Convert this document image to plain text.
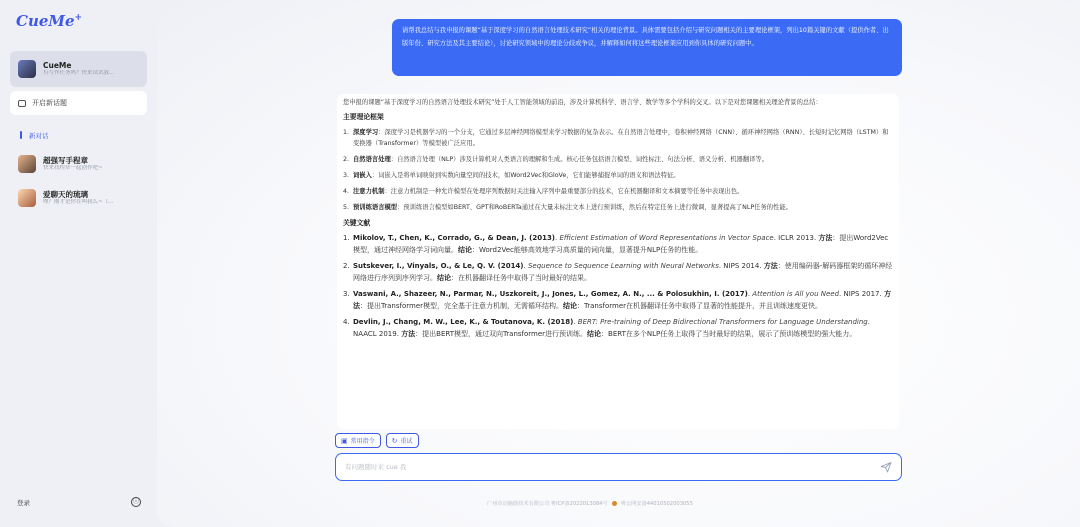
CueMe+
CueMe
有写作任务吗？快来试试我...
开启新话题
新对话
超强写手程章
快来找程章一起创作吧~
爱聊天的琉璃
嘿？刚才是你在叫我么~（...
登录	ⓘ
请帮我总结与我申报的课题“基于深度学习的自然语言处理技术研究”相关的理论背景。具体需要包括介绍与研究问题相关的主要理论框架，列出10篇关键的文献（提供作者、出版年份、研究方法及其主要结论），讨论研究领域中的理论分歧或争议，并解释如何将这些理论框架应用到你具体的研究问题中。

您申报的课题“基于深度学习的自然语言处理技术研究”处于人工智能领域的前沿，涉及计算机科学、语言学、数学等多个学科的交叉。以下是对您课题相关理论背景的总结：

主要理论框架
1. 深度学习：深度学习是机器学习的一个分支，它通过多层神经网络模型来学习数据的复杂表示。在自然语言处理中，卷积神经网络（CNN）、循环神经网络（RNN）、长短时记忆网络（LSTM）和变换器（Transformer）等模型被广泛应用。
2. 自然语言处理：自然语言处理（NLP）涉及计算机对人类语言的理解和生成。核心任务包括语言模型、词性标注、句法分析、语义分析、机器翻译等。
3. 词嵌入：词嵌入是将单词映射到实数向量空间的技术，如Word2Vec和GloVe，它们能够捕捉单词的语义和语法特征。
4. 注意力机制：注意力机制是一种允许模型在处理序列数据时关注输入序列中最重要部分的技术，它在机器翻译和文本摘要等任务中表现出色。
5. 预训练语言模型：预训练语言模型如BERT、GPT和RoBERTa通过在大量未标注文本上进行预训练，然后在特定任务上进行微调，显著提高了NLP任务的性能。
关键文献
1. Mikolov, T., Chen, K., Corrado, G., & Dean, J. (2013). Efficient Estimation of Word Representations in Vector Space. ICLR 2013. 方法：提出Word2Vec模型，通过神经网络学习词向量。结论：Word2Vec能够高效地学习高质量的词向量，显著提升NLP任务的性能。
2. Sutskever, I., Vinyals, O., & Le, Q. V. (2014). Sequence to Sequence Learning with Neural Networks. NIPS 2014. 方法：使用编码器-解码器框架的循环神经网络进行序列到序列学习。结论：在机器翻译任务中取得了当时最好的结果。
3. Vaswani, A., Shazeer, N., Parmar, N., Uszkoreit, J., Jones, L., Gomez, A. N., ... & Polosukhin, I. (2017). Attention is All you Need. NIPS 2017. 方法：提出Transformer模型，完全基于注意力机制，无需循环结构。结论：Transformer在机器翻译任务中取得了显著的性能提升，并且训练速度更快。
4. Devlin, J., Chang, M. W., Lee, K., & Toutanova, K. (2018). BERT: Pre-training of Deep Bidirectional Transformers for Language Understanding. NAACL 2019. 方法：提出BERT模型，通过双向Transformer进行预训练。结论：BERT在多个NLP任务上取得了当时最好的结果，展示了预训练模型的强大能力。
▣ 常用指令 ↻ 重试
有问题随时来 cue 我
广州市动脑筋技术有限公司 粤ICP备2022013084号	粤公网安备44010502003055
